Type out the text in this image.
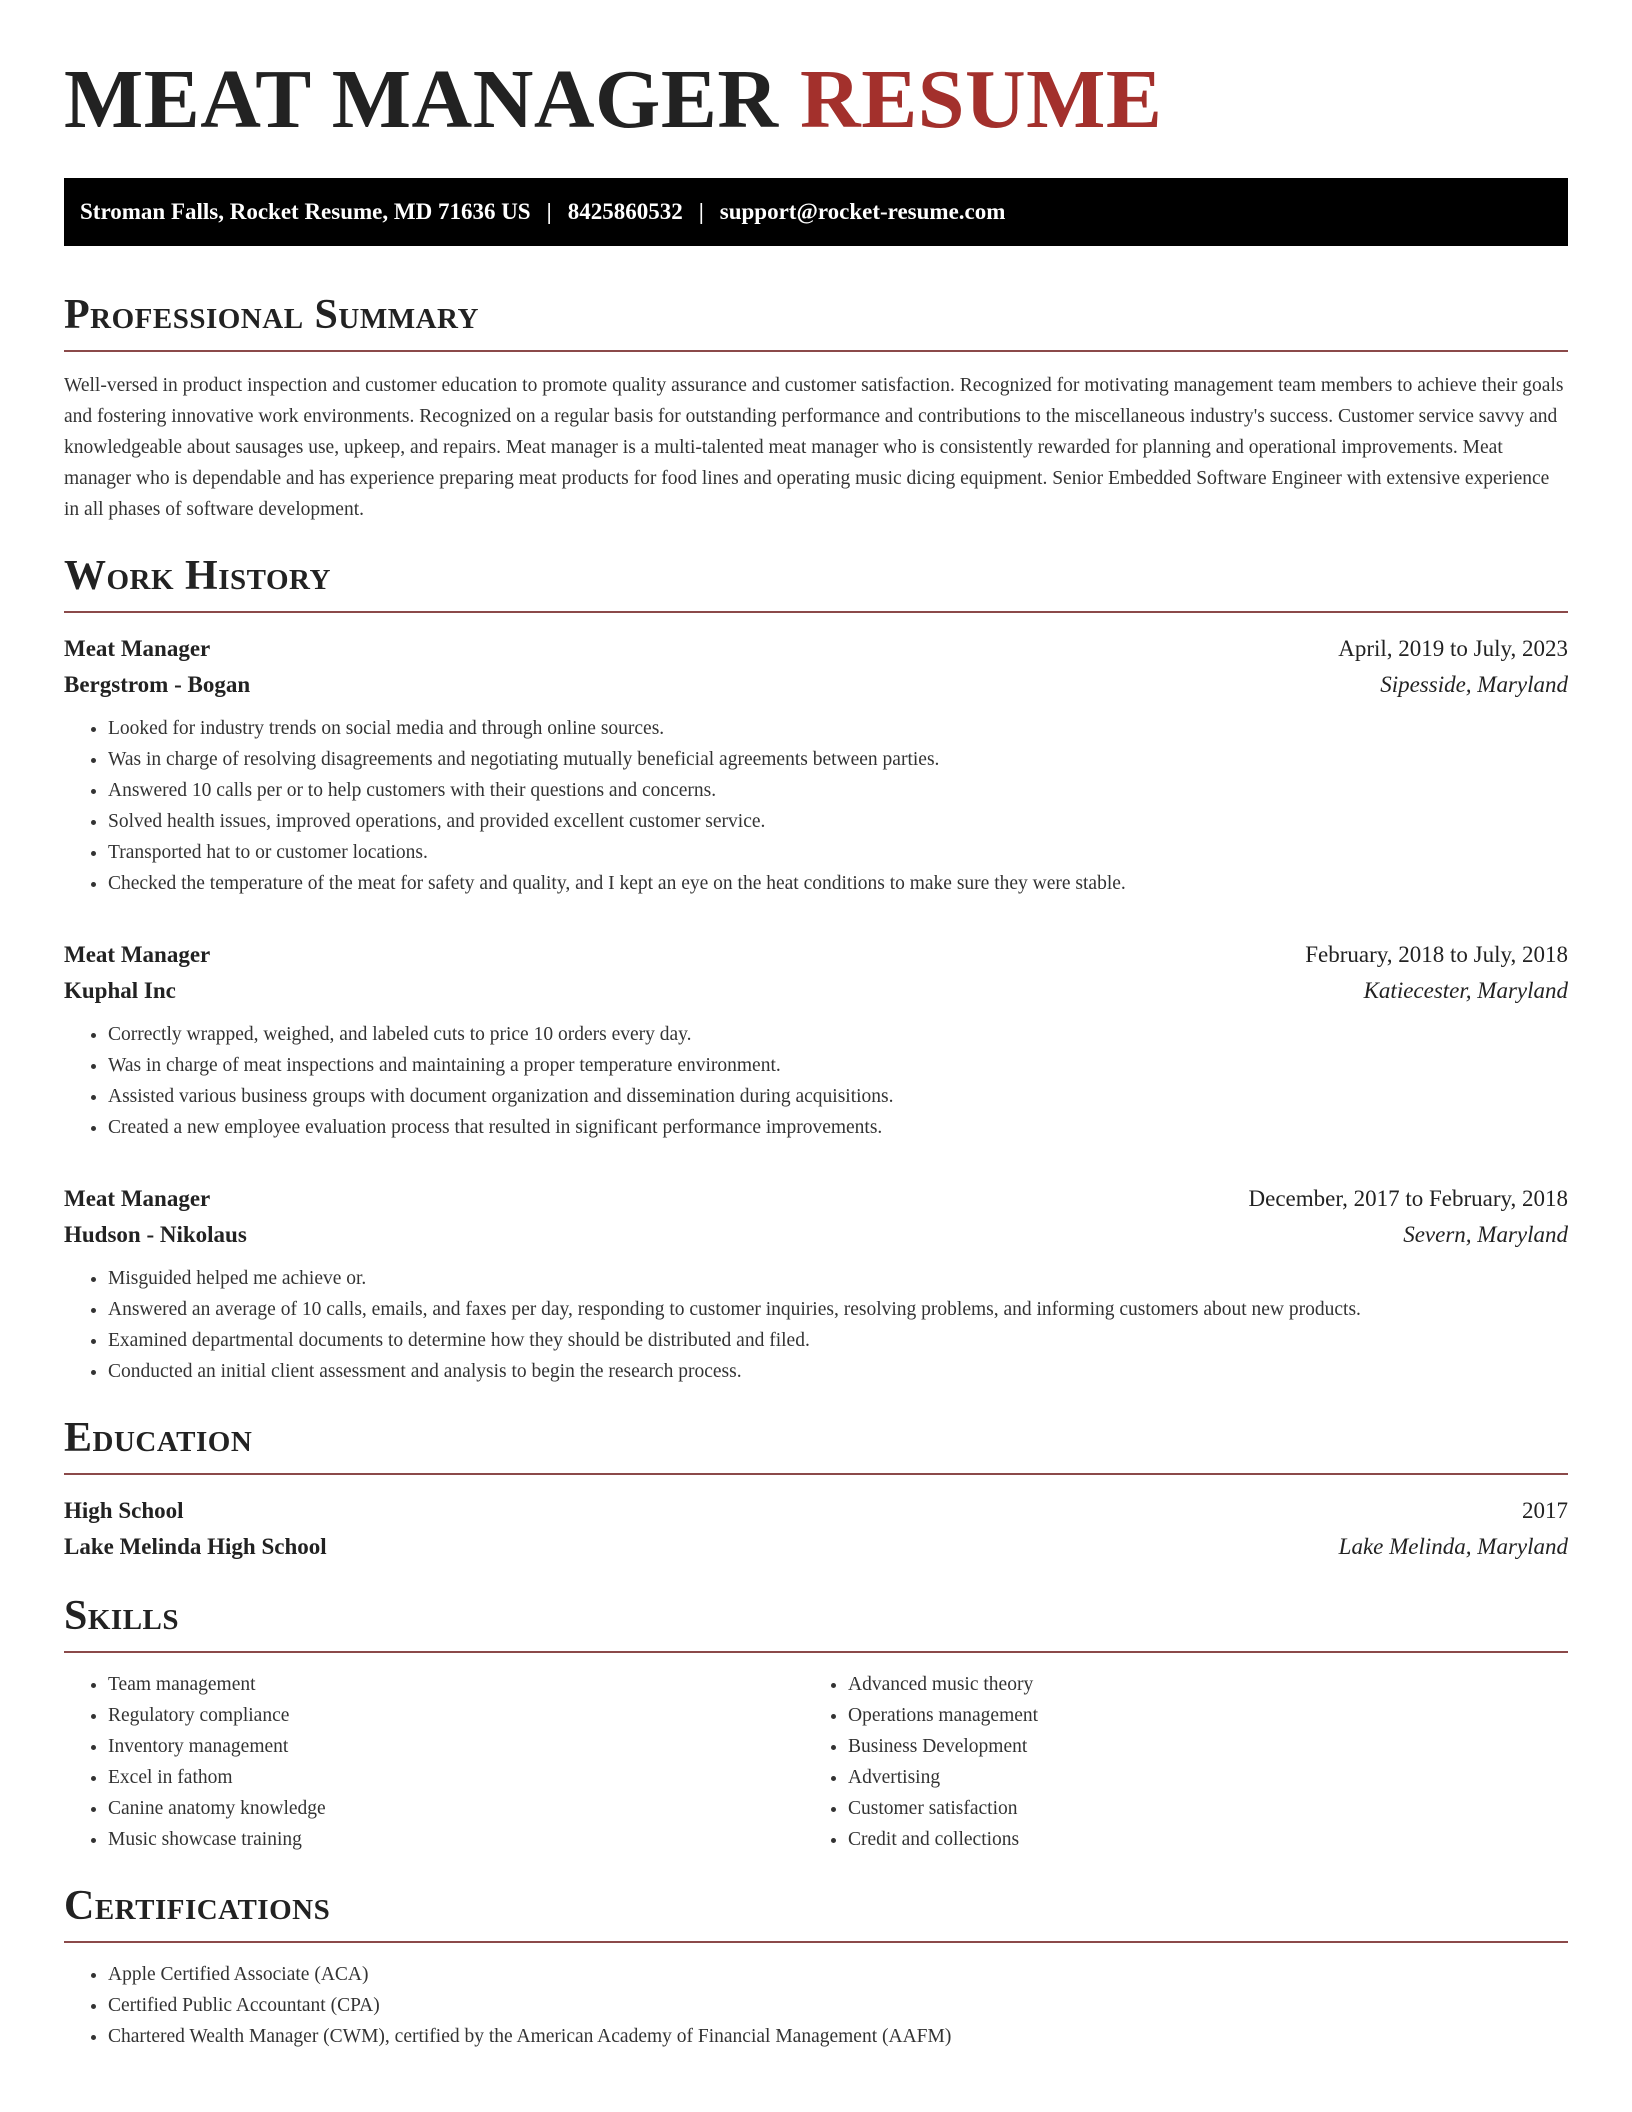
MEAT MANAGER RESUME
Stroman Falls, Rocket Resume, MD 71636 US | 8425860532 | support@rocket-resume.com
Professional Summary

Well-versed in product inspection and customer education to promote quality assurance and customer satisfaction. Recognized for motivating management team members to achieve their goals and fostering innovative work environments. Recognized on a regular basis for outstanding performance and contributions to the miscellaneous industry's success. Customer service savvy and knowledgeable about sausages use, upkeep, and repairs. Meat manager is a multi-talented meat manager who is consistently rewarded for planning and operational improvements. Meat manager who is dependable and has experience preparing meat products for food lines and operating music dicing equipment. Senior Embedded Software Engineer with extensive experience in all phases of software development.

Work History
Meat Manager	April, 2019 to July, 2023
Bergstrom - Bogan	Sipesside, Maryland
• Looked for industry trends on social media and through online sources.
• Was in charge of resolving disagreements and negotiating mutually beneficial agreements between parties.
• Answered 10 calls per or to help customers with their questions and concerns.
• Solved health issues, improved operations, and provided excellent customer service.
• Transported hat to or customer locations.
• Checked the temperature of the meat for safety and quality, and I kept an eye on the heat conditions to make sure they were stable.
Meat Manager	February, 2018 to July, 2018
Kuphal Inc	Katiecester, Maryland
• Correctly wrapped, weighed, and labeled cuts to price 10 orders every day.
• Was in charge of meat inspections and maintaining a proper temperature environment.
• Assisted various business groups with document organization and dissemination during acquisitions.
• Created a new employee evaluation process that resulted in significant performance improvements.
Meat Manager	December, 2017 to February, 2018
Hudson - Nikolaus	Severn, Maryland
• Misguided helped me achieve or.
• Answered an average of 10 calls, emails, and faxes per day, responding to customer inquiries, resolving problems, and informing customers about new products.
• Examined departmental documents to determine how they should be distributed and filed.
• Conducted an initial client assessment and analysis to begin the research process.
Education
High School	2017
Lake Melinda High School	Lake Melinda, Maryland
Skills
• Team management
• Regulatory compliance
• Inventory management
• Excel in fathom
• Canine anatomy knowledge
• Music showcase training
• Advanced music theory
• Operations management
• Business Development
• Advertising
• Customer satisfaction
• Credit and collections
Certifications
• Apple Certified Associate (ACA)
• Certified Public Accountant (CPA)
• Chartered Wealth Manager (CWM), certified by the American Academy of Financial Management (AAFM)
